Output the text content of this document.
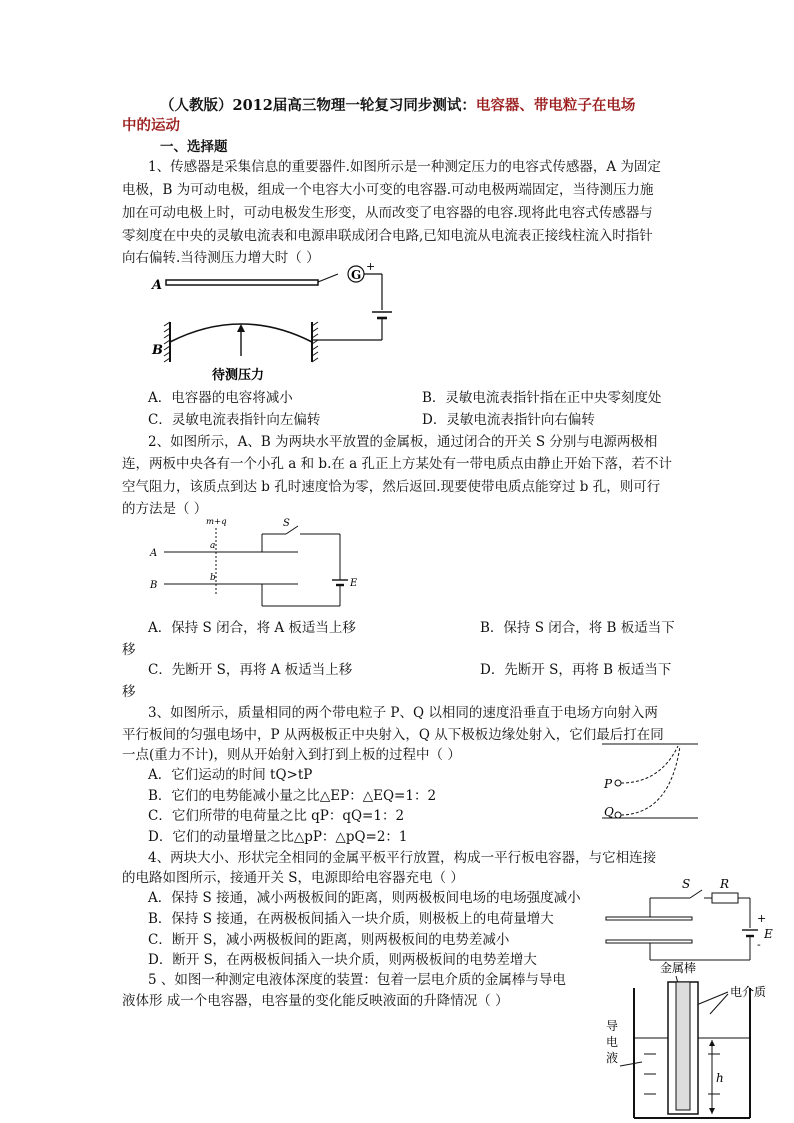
（人教版）2012届高三物理一轮复习同步测试：电容器、带电粒子在电场
中的运动
一、选择题
1、传感器是采集信息的重要器件.如图所示是一种测定压力的电容式传感器，A 为固定
电极，B 为可动电极，组成一个电容大小可变的电容器.可动电极两端固定，当待测压力施
加在可动电极上时，可动电极发生形变，从而改变了电容器的电容.现将此电容式传感器与
零刻度在中央的灵敏电流表和电源串联成闭合电路,已知电流从电流表正接线柱流入时指针
向右偏转.当待测压力增大时（ ）
A
G
+
B
待测压力
A．电容器的电容将减小	B．灵敏电流表指针指在正中央零刻度处
C．灵敏电流表指针向左偏转	D．灵敏电流表指针向右偏转
2、如图所示，A、B 为两块水平放置的金属板，通过闭合的开关 S 分别与电源两极相
连，两板中央各有一个小孔 a 和 b.在 a 孔正上方某处有一带电质点由静止开始下落，若不计
空气阻力，该质点到达 b 孔时速度恰为零，然后返回.现要使带电质点能穿过 b 孔，则可行
的方法是（ ）
m+q	S
A
a
B
b	E
A．保持 S 闭合，将 A 板适当上移	B．保持 S 闭合，将 B 板适当下
移
C．先断开 S，再将 A 板适当上移	D．先断开 S，再将 B 板适当下
移
3、如图所示，质量相同的两个带电粒子 P、Q 以相同的速度沿垂直于电场方向射入两
平行板间的匀强电场中，P 从两极板正中央射入，Q 从下极板边缘处射入，它们最后打在同
一点(重力不计)，则从开始射入到打到上板的过程中（ ）
P
Q
A．它们运动的时间 tQ>tP
B．它们的电势能减小量之比△EP：△EQ=1：2
C．它们所带的电荷量之比 qP：qQ=1：2
D．它们的动量增量之比△pP：△pQ=2：1
4、两块大小、形状完全相同的金属平板平行放置，构成一平行板电容器，与它相连接
的电路如图所示，接通开关 S，电源即给电容器充电（ ）
A．保持 S 接通，减小两极板间的距离，则两极板间电场的电场强度减小
B．保持 S 接通，在两极板间插入一块介质，则极板上的电荷量增大
C．断开 S，减小两极板间的距离，则两极板间的电势差减小
D．断开 S，在两极板间插入一块介质，则两极板间的电势差增大
S R
+
-
E
5 、如图一种测定电液体深度的装置：包着一层电介质的金属棒与导电
液体形 成一个电容器，电容量的变化能反映液面的升降情况（ ）
金属棒
电介质
导
电
液
h
